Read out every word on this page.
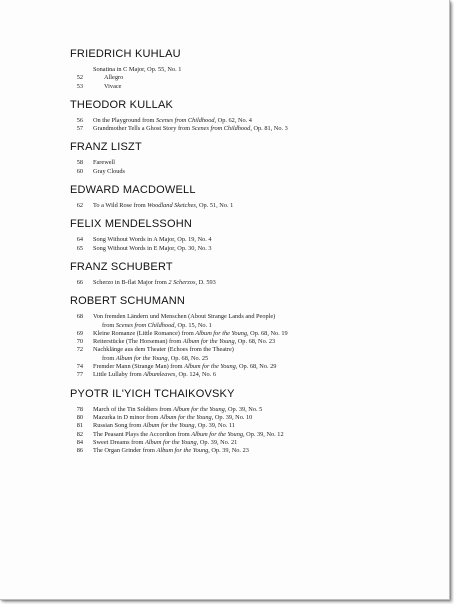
FRIEDRICH KUHLAU
Sonatina in C Major, Op. 55, No. 1
52	Allegro
53	Vivace
THEODOR KULLAK
56	On the Playground from Scenes from Childhood, Op. 62, No. 4
57	Grandmother Tells a Ghost Story from Scenes from Childhood, Op. 81, No. 3
FRANZ LISZT
58	Farewell
60	Gray Clouds
EDWARD MACDOWELL
62	To a Wild Rose from Woodland Sketches, Op. 51, No. 1
FELIX MENDELSSOHN
64	Song Without Words in A Major, Op. 19, No. 4
65	Song Without Words in E Major, Op. 30, No. 3
FRANZ SCHUBERT
66	Scherzo in B-flat Major from 2 Scherzos, D. 593
ROBERT SCHUMANN
68	Von fremden Ländern und Menschen (About Strange Lands and People)
from Scenes from Childhood, Op. 15, No. 1
69	Kleine Romanze (Little Romance) from Album for the Young, Op. 68, No. 19
70	Reiterstücke (The Horseman) from Album for the Young, Op. 68, No. 23
72	Nachklänge aus dem Theater (Echoes from the Theatre)
from Album for the Young, Op. 68, No. 25
74	Fremder Mann (Strange Man) from Album for the Young, Op. 68, No. 29
77	Little Lullaby from Albumleaves, Op. 124, No. 6
PYOTR IL'YICH TCHAIKOVSKY
78	March of the Tin Soldiers from Album for the Young, Op. 39, No. 5
80	Mazurka in D minor from Album for the Young, Op. 39, No. 10
81	Russian Song from Album for the Young, Op. 39, No. 11
82	The Peasant Plays the Accordion from Album for the Young, Op. 39, No. 12
84	Sweet Dreams from Album for the Young, Op. 39, No. 21
86	The Organ Grinder from Album for the Young, Op. 39, No. 23
